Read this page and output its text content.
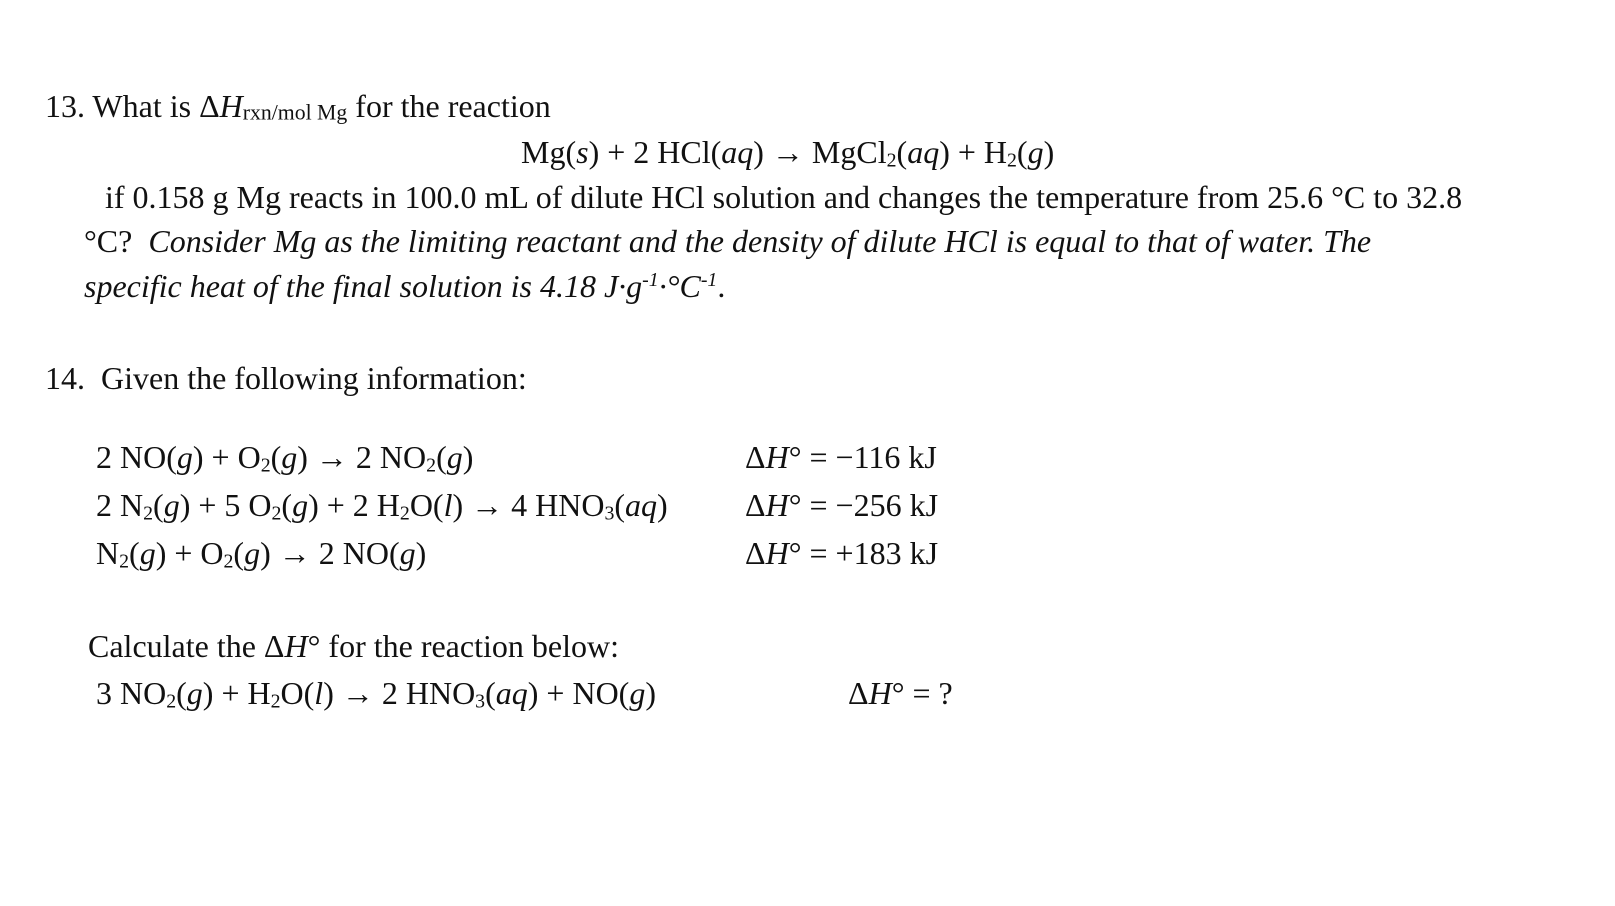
13. What is $\Delta H_{rxn/mol Mg}$ for the reaction
Mg(s) + 2 HCl(aq) → MgCl$_2$(aq) + $H_2(g)$
if 0.158 g Mg reacts in 100.0 mL of dilute HCl solution and changes the temperature from 25.6 °C to 32.8
°C? Consider Mg as the limiting reactant and the density of dilute HCl is equal to that of water. The
specific heat of the final solution is 4.18 $J\cdot g^{-1}\cdot^\circ C^{-1}$.
14. Given the following information:
2 $NO(g) + O_2(g) \to 2$ $NO_2(g)$	ΔH° = −116 kJ
2 $N_2(g) + 5$ $O_2(g) + 2$ $H_2O(l) \to 4$ $HNO_3(aq) \Delta H^\circ = -256$ kJ
$N_2(g) + O_2(g) \to 2$ NO(g)	ΔH° = +183 kJ
Calculate the ΔH° for the reaction below:
3 $NO_2(g) + H_2O(l) \to 2$ $HNO_3(aq) + NO(g)$	ΔH° = ?
